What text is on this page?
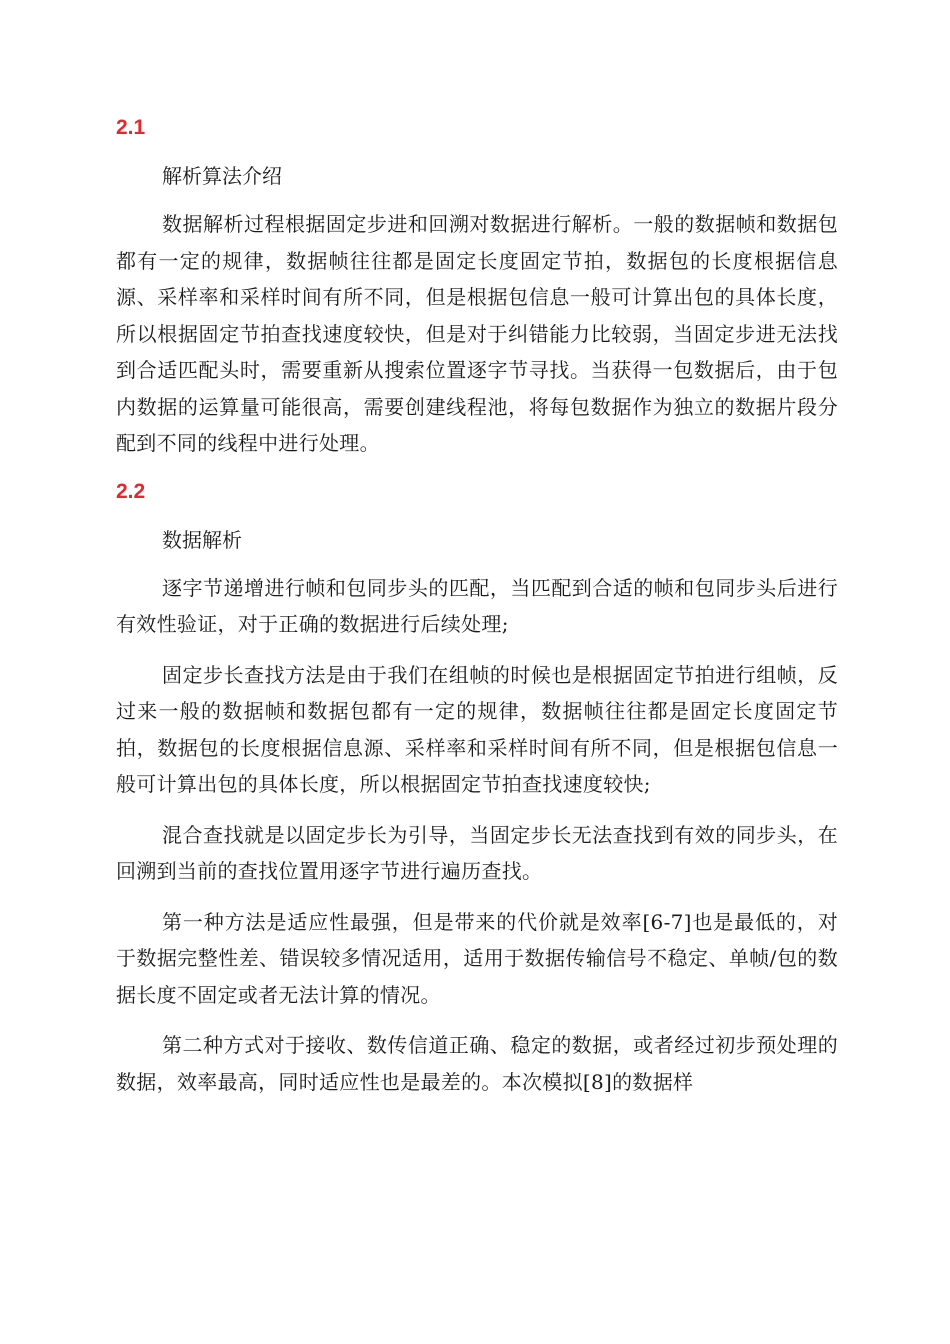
2.1
解析算法介绍

数据解析过程根据固定步进和回溯对数据进行解析。一般的数据帧和数据包都有一定的规律，数据帧往往都是固定长度固定节拍，数据包的长度根据信息源、采样率和采样时间有所不同，但是根据包信息一般可计算出包的具体长度，所以根据固定节拍查找速度较快，但是对于纠错能力比较弱，当固定步进无法找到合适匹配头时，需要重新从搜索位置逐字节寻找。当获得一包数据后，由于包内数据的运算量可能很高，需要创建线程池，将每包数据作为独立的数据片段分配到不同的线程中进行处理。

2.2
数据解析

逐字节递增进行帧和包同步头的匹配，当匹配到合适的帧和包同步头后进行有效性验证，对于正确的数据进行后续处理;

固定步长查找方法是由于我们在组帧的时候也是根据固定节拍进行组帧，反过来一般的数据帧和数据包都有一定的规律，数据帧往往都是固定长度固定节拍，数据包的长度根据信息源、采样率和采样时间有所不同，但是根据包信息一般可计算出包的具体长度，所以根据固定节拍查找速度较快;

混合查找就是以固定步长为引导，当固定步长无法查找到有效的同步头，在回溯到当前的查找位置用逐字节进行遍历查找。

第一种方法是适应性最强，但是带来的代价就是效率[6-7]也是最低的，对于数据完整性差、错误较多情况适用，适用于数据传输信号不稳定、单帧/包的数据长度不固定或者无法计算的情况。

第二种方式对于接收、数传信道正确、稳定的数据，或者经过初步预处理的数据，效率最高，同时适应性也是最差的。本次模拟[8]的数据样
